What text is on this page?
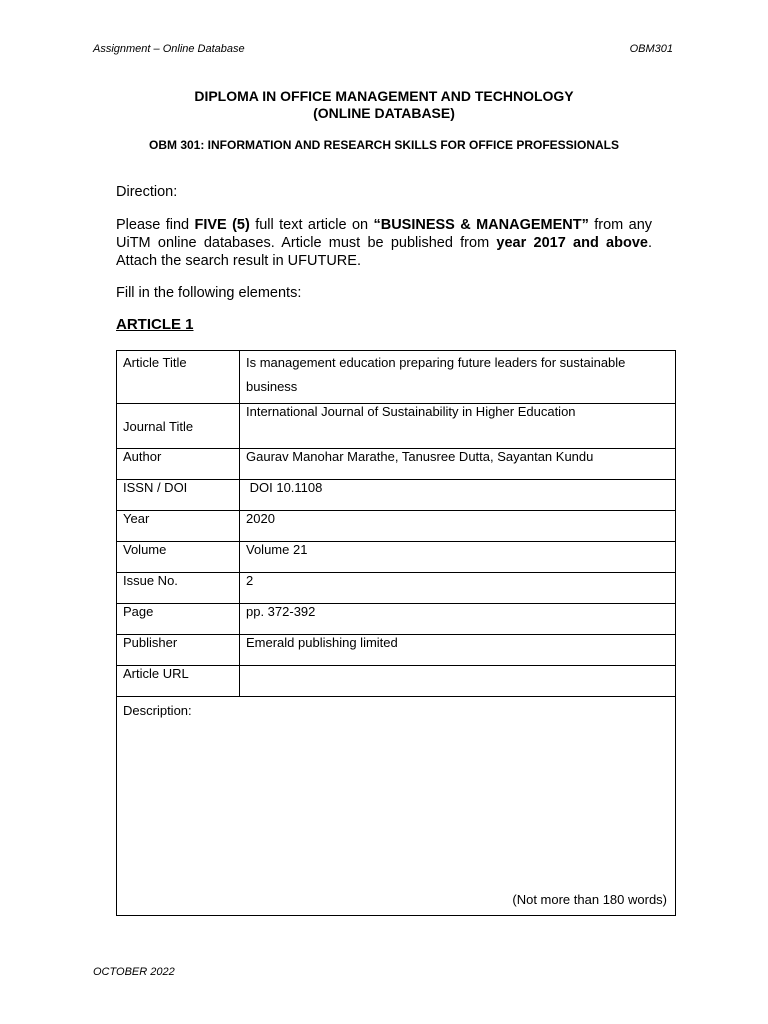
Assignment – Online Database	OBM301
DIPLOMA IN OFFICE MANAGEMENT AND TECHNOLOGY
(ONLINE DATABASE)
OBM 301: INFORMATION AND RESEARCH SKILLS FOR OFFICE PROFESSIONALS
Direction:
Please find FIVE (5) full text article on “BUSINESS & MANAGEMENT” from any UiTM online databases. Article must be published from year 2017 and above. Attach the search result in UFUTURE.
Fill in the following elements:
ARTICLE 1
Article Title	Is management education preparing future leaders for sustainable business
Journal Title	International Journal of Sustainability in Higher Education
Author	Gaurav Manohar Marathe, Tanusree Dutta, Sayantan Kundu
ISSN / DOI	DOI 10.1108
Year	2020
Volume	Volume 21
Issue No.	2
Page	pp. 372-392
Publisher	Emerald publishing limited
Article URL	
Description:
(Not more than 180 words)	
OCTOBER 2022
